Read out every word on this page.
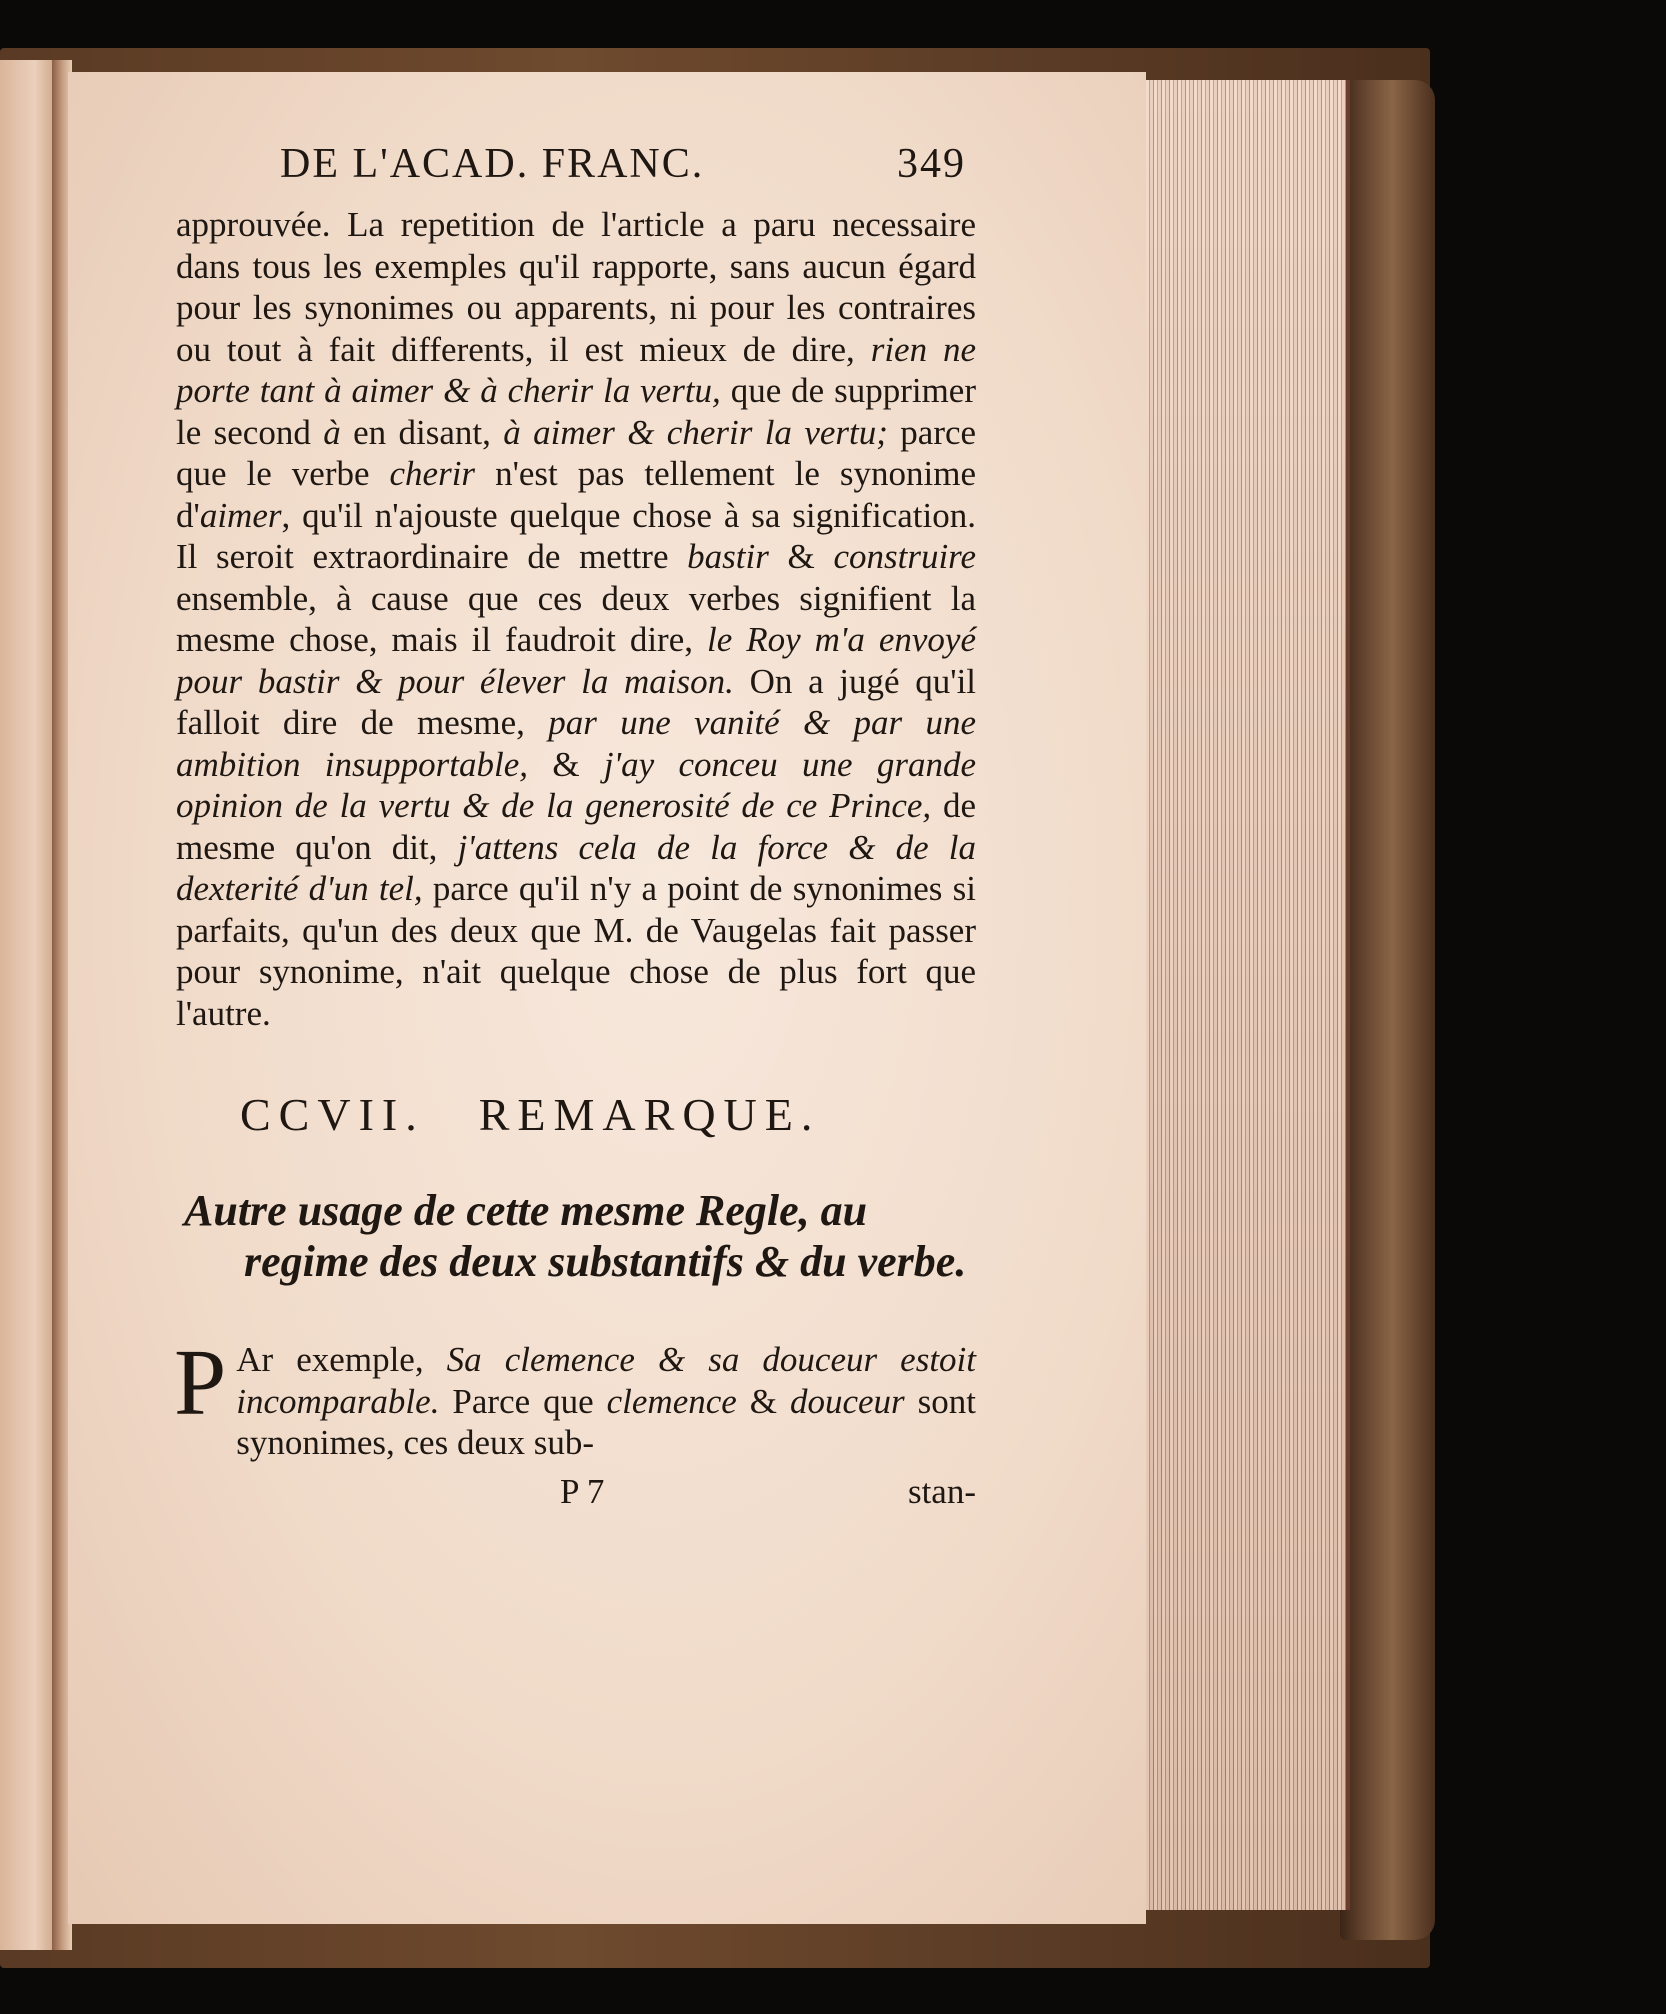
DE L'ACAD. FRANC.	349

approuvée. La repetition de l'article a paru necessaire dans tous les exemples qu'il rapporte, sans aucun égard pour les synonimes ou apparents, ni pour les contraires ou tout à fait differents, il est mieux de dire, rien ne porte tant à aimer & à cherir la vertu, que de supprimer le second à en disant, à aimer & cherir la vertu; parce que le verbe cherir n'est pas tellement le synonime d'aimer, qu'il n'ajouste quelque chose à sa signification. Il seroit extraordinaire de mettre bastir & construire ensemble, à cause que ces deux verbes signifient la mesme chose, mais il faudroit dire, le Roy m'a envoyé pour bastir & pour élever la maison. On a jugé qu'il falloit dire de mesme, par une vanité & par une ambition insupportable, & j'ay conceu une grande opinion de la vertu & de la generosité de ce Prince, de mesme qu'on dit, j'attens cela de la force & de la dexterité d'un tel, parce qu'il n'y a point de synonimes si parfaits, qu'un des deux que M. de Vaugelas fait passer pour synonime, n'ait quelque chose de plus fort que l'autre.

CCVII. REMARQUE.
Autre usage de cette mesme Regle, au regime des deux substantifs & du verbe.

P Ar exemple, Sa clemence & sa douceur estoit incomparable. Parce que clemence & douceur sont synonimes, ces deux sub-

P 7	stan-
